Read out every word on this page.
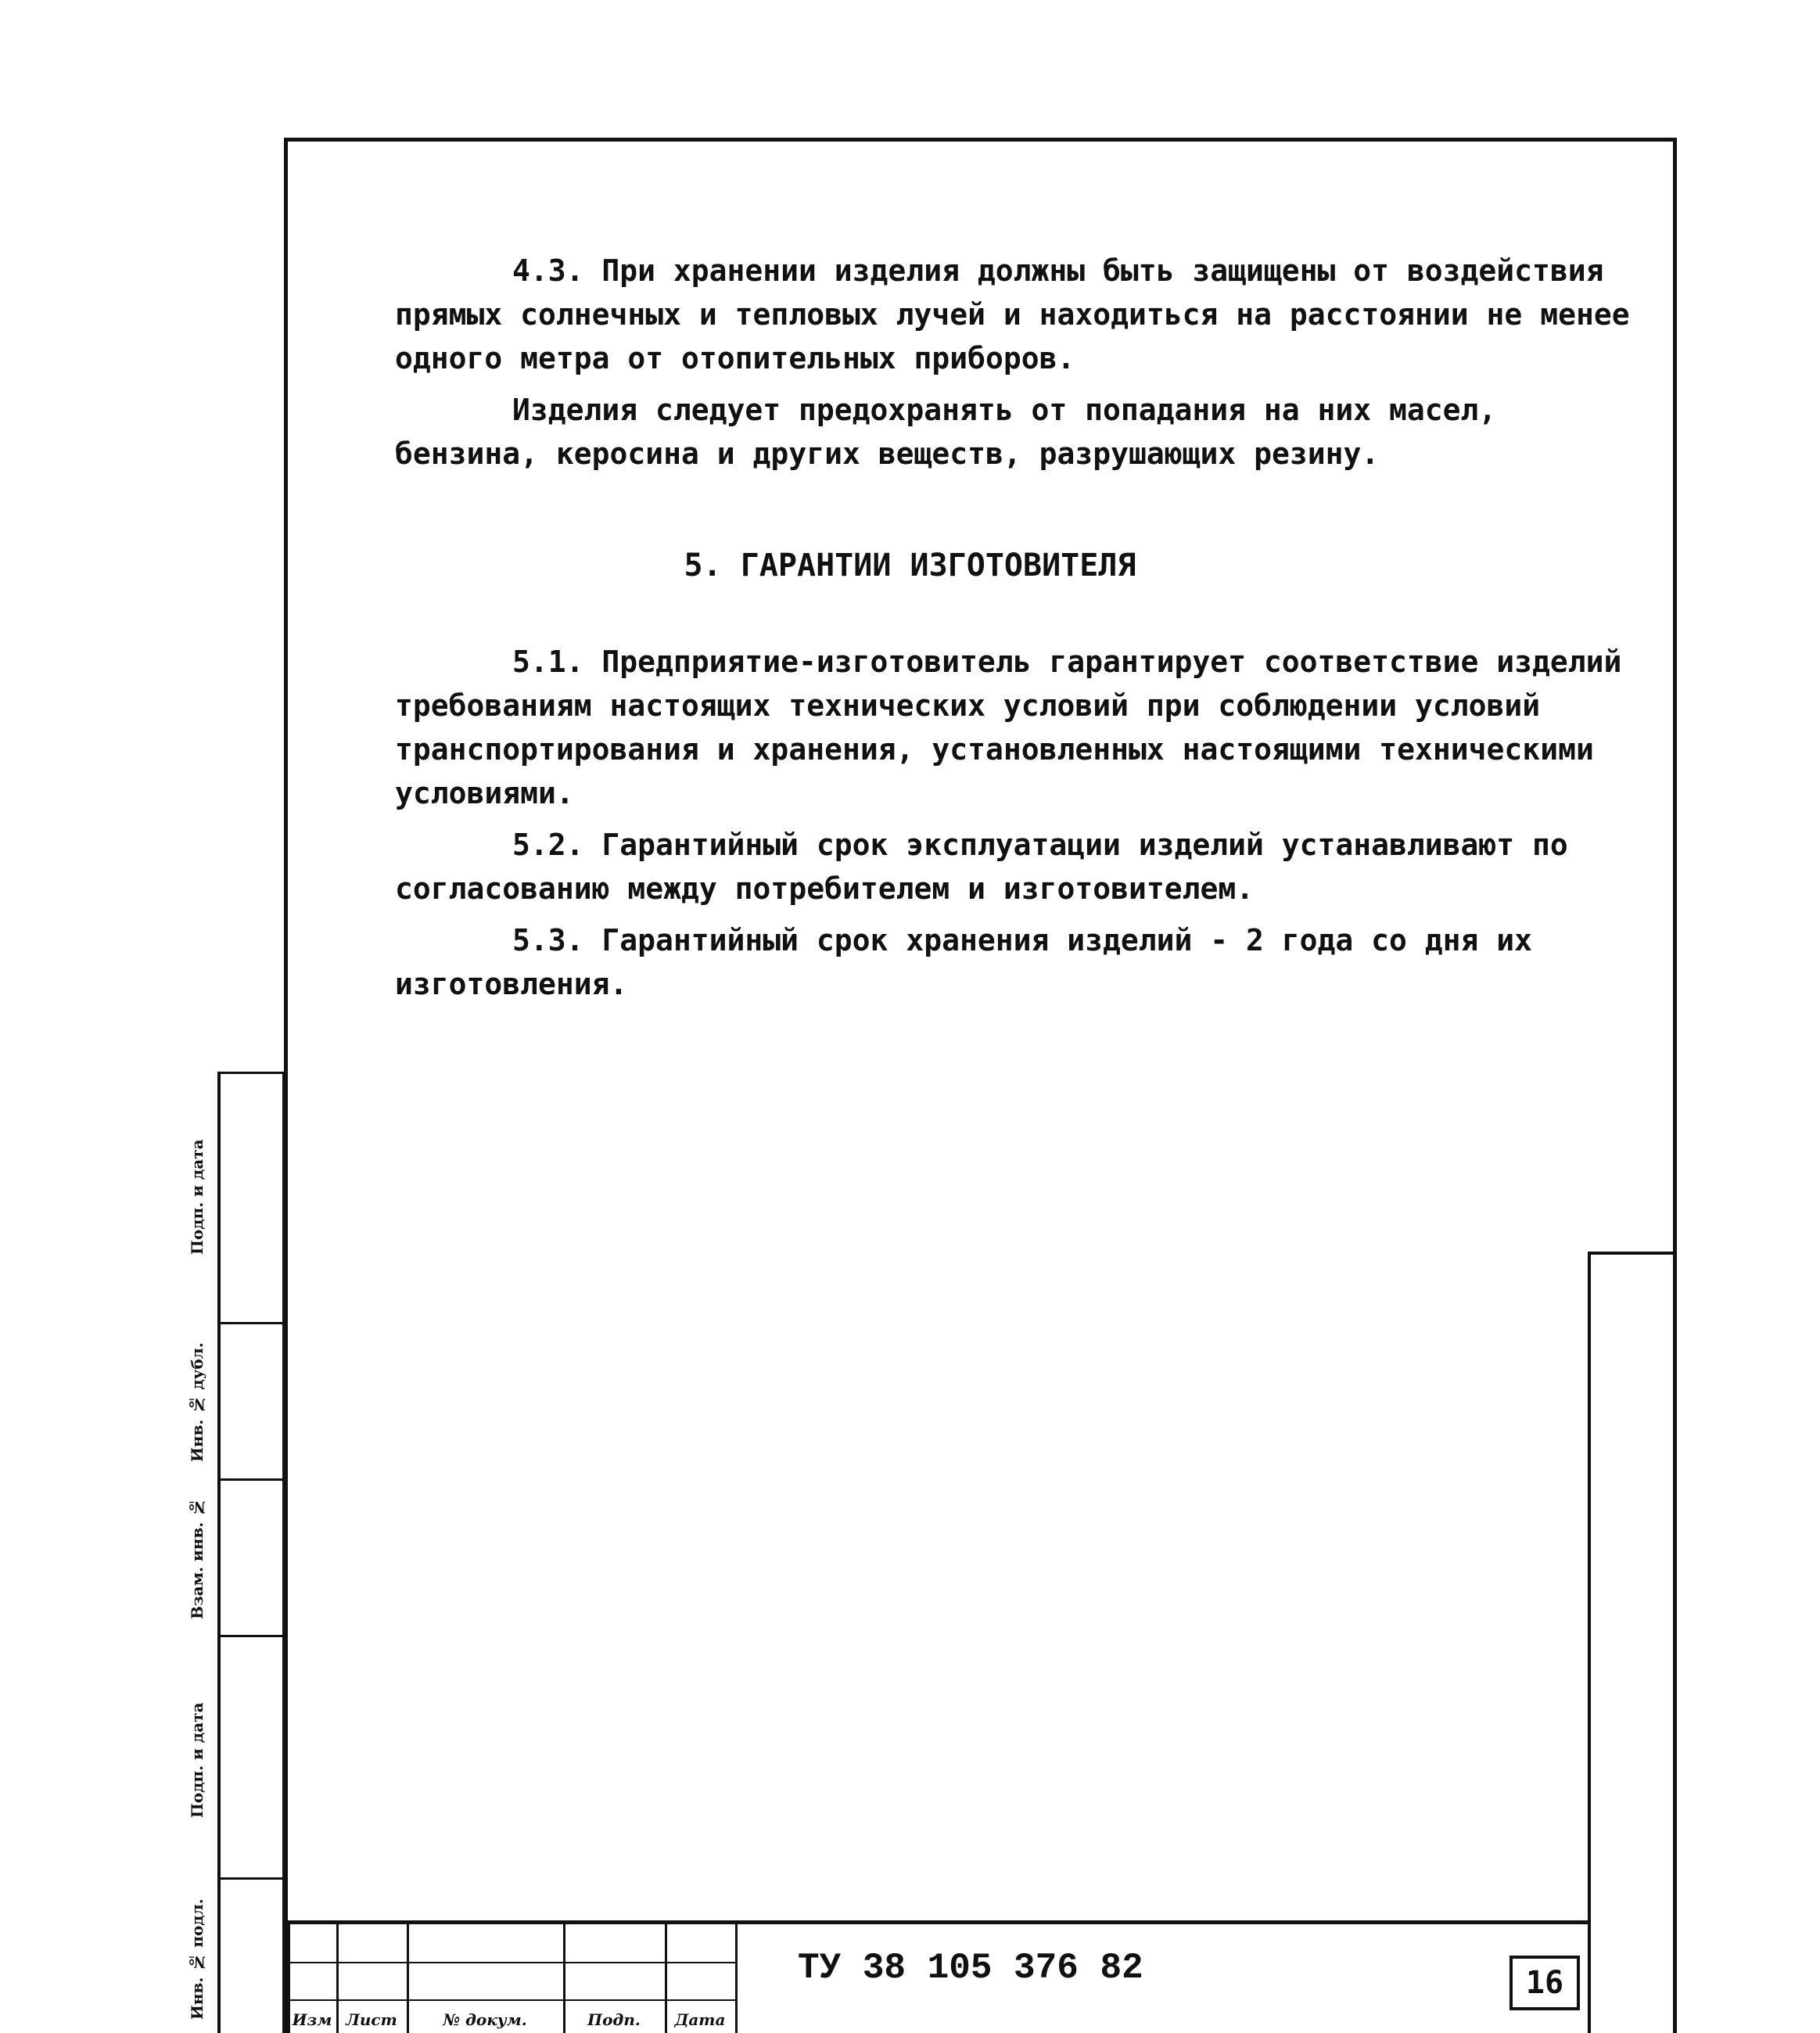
4.3. При хранении изделия должны быть защищены от воздействия прямых солнечных и тепловых лучей и находиться на расстоянии не менее одного метра от отопительных приборов.

Изделия следует предохранять от попадания на них масел, бензина, керосина и других веществ, разрушающих резину.

5. ГАРАНТИИ ИЗГОТОВИТЕЛЯ

5.1. Предприятие-изготовитель гарантирует соответствие изделий требованиям настоящих технических условий при соблюдении условий транспортирования и хранения, установленных настоящими техническими условиями.

5.2. Гарантийный срок эксплуатации изделий устанавливают по согласованию между потребителем и изготовителем.

5.3. Гарантийный срок хранения изделий - 2 года со дня их изготовления.

Подп. и дата
Инв. № дубл.
Взам. инв. №
Подп. и дата
Инв. № подл.	Изм Лист	№ докум.	Подп.	Дата
ТУ 38 105 376 82	16
